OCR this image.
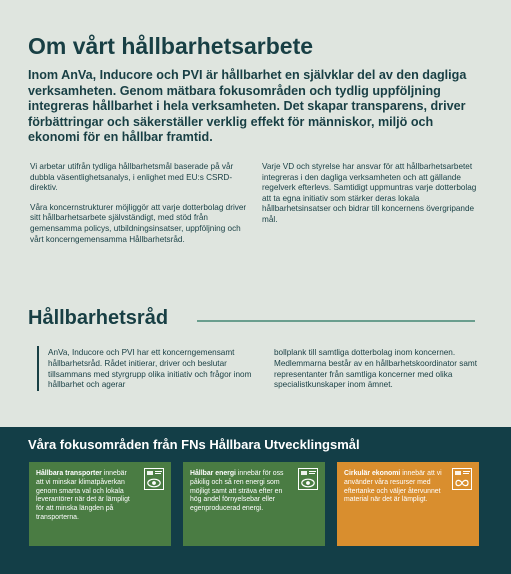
Om vårt hållbarhetsarbete

Inom AnVa, Inducore och PVI är hållbarhet en självklar del av den dagliga verksamheten. Genom mätbara fokusområden och tydlig uppföljning integreras hållbarhet i hela verksamheten. Det skapar transparens, driver förbättringar och säkerställer verklig effekt för människor, miljö och ekonomi för en hållbar framtid.

Vi arbetar utifrån tydliga hållbarhetsmål baserade på vår dubbla väsentlighetsanalys, i enlighet med EU:s CSRD-direktiv.

Våra koncernstrukturer möjliggör att varje dotterbolag driver sitt hållbarhetsarbete självständigt, med stöd från gemensamma policys, utbildningsinsatser, uppföljning och vårt koncerngemensamma Hållbarhetsråd.

Varje VD och styrelse har ansvar för att hållbarhetsarbetet integreras i den dagliga verksamheten och att gällande regelverk efterlevs. Samtidigt uppmuntras varje dotterbolag att ta egna initiativ som stärker deras lokala hållbarhetsinsatser och bidrar till koncernens övergripande mål.

Hållbarhetsråd

AnVa, Inducore och PVI har ett koncerngemensamt hållbarhetsråd. Rådet initierar, driver och beslutar tillsammans med styrgrupp olika initiativ och frågor inom hållbarhet och agerar

bollplank till samtliga dotterbolag inom koncernen. Medlemmarna består av en hållbarhetskoordinator samt representanter från samtliga koncerner med olika specialistkunskaper inom ämnet.

Våra fokusområden från FNs Hållbara Utvecklingsmål

Hållbara transporter innebär att vi minskar klimatpåverkan genom smarta val och lokala leverantörer när det är lämpligt för att minska längden på transporterna.

Hållbar energi innebär för oss påkilig och så ren energi som möjligt samt att sträva efter en hög andel förnyelsebar eller egenproducerad energi.

Cirkulär ekonomi innebär att vi använder våra resurser med eftertanke och väljer återvunnet material när det är lämpligt.
